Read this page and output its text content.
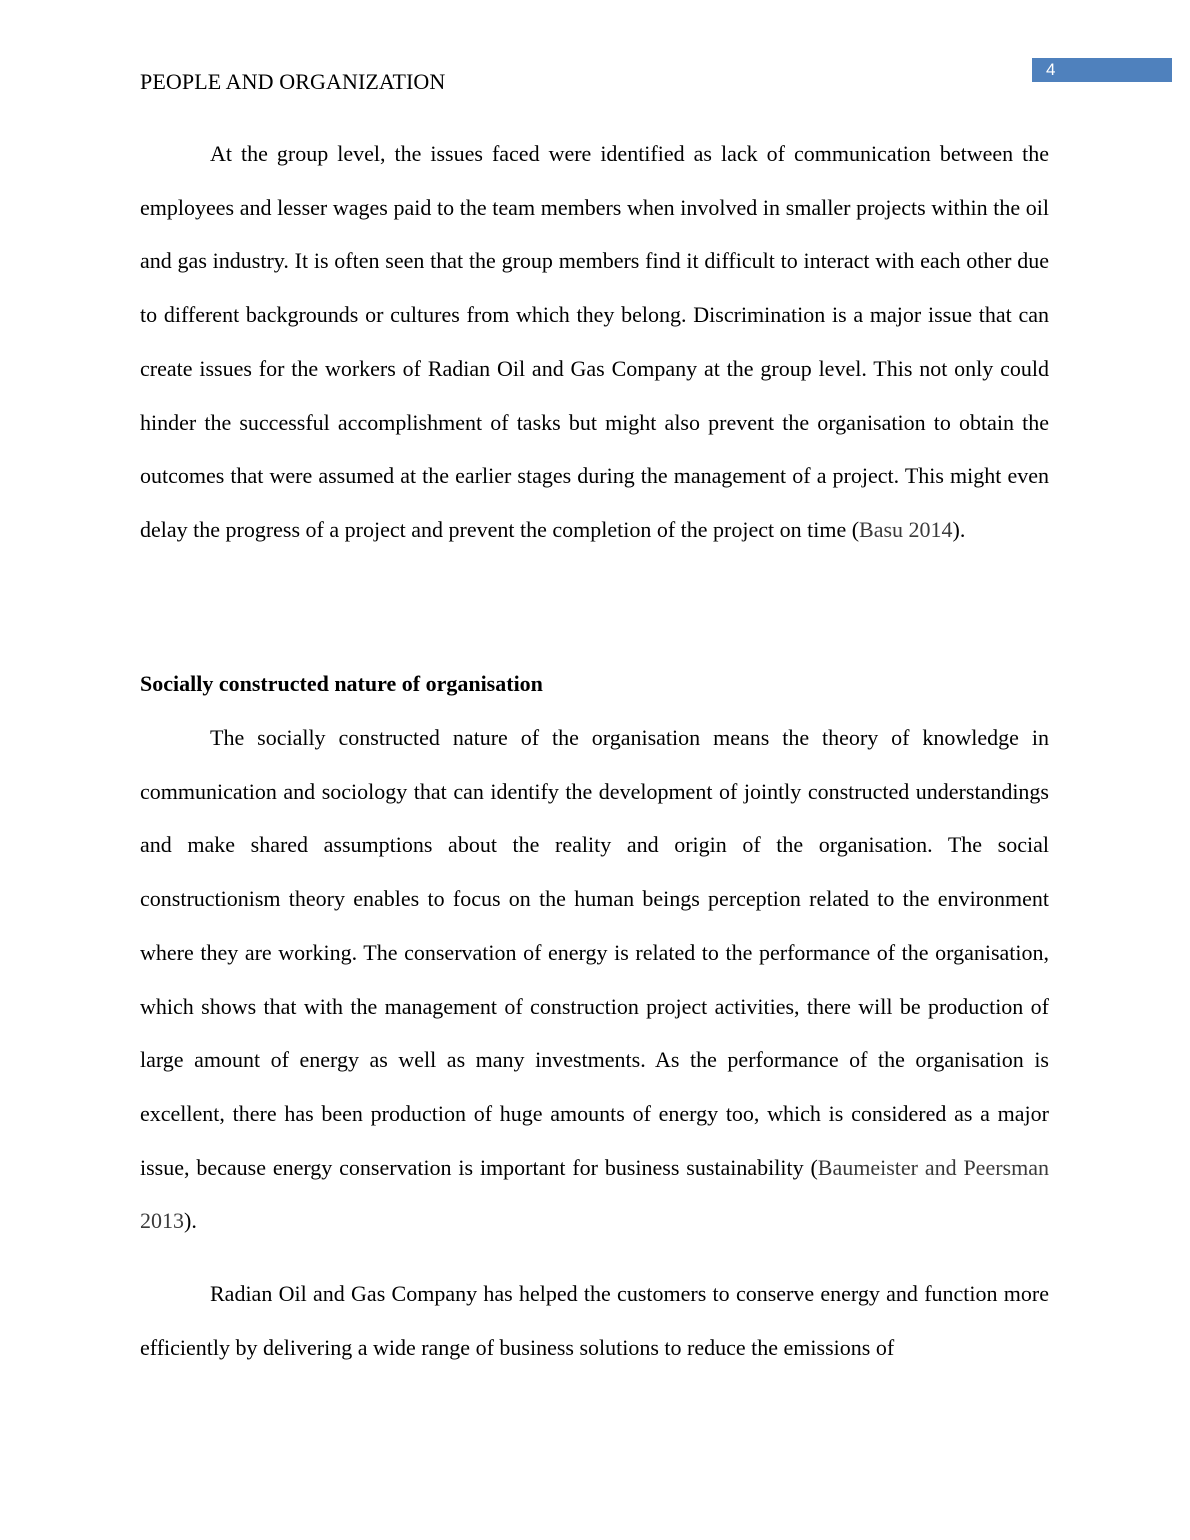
4
PEOPLE AND ORGANIZATION

At the group level, the issues faced were identified as lack of communication between the employees and lesser wages paid to the team members when involved in smaller projects within the oil and gas industry. It is often seen that the group members find it difficult to interact with each other due to different backgrounds or cultures from which they belong. Discrimination is a major issue that can create issues for the workers of Radian Oil and Gas Company at the group level. This not only could hinder the successful accomplishment of tasks but might also prevent the organisation to obtain the outcomes that were assumed at the earlier stages during the management of a project. This might even delay the progress of a project and prevent the completion of the project on time (Basu 2014).

Socially constructed nature of organisation

The socially constructed nature of the organisation means the theory of knowledge in communication and sociology that can identify the development of jointly constructed understandings and make shared assumptions about the reality and origin of the organisation. The social constructionism theory enables to focus on the human beings perception related to the environment where they are working. The conservation of energy is related to the performance of the organisation, which shows that with the management of construction project activities, there will be production of large amount of energy as well as many investments. As the performance of the organisation is excellent, there has been production of huge amounts of energy too, which is considered as a major issue, because energy conservation is important for business sustainability (Baumeister and Peersman 2013).

Radian Oil and Gas Company has helped the customers to conserve energy and function more efficiently by delivering a wide range of business solutions to reduce the emissions of
